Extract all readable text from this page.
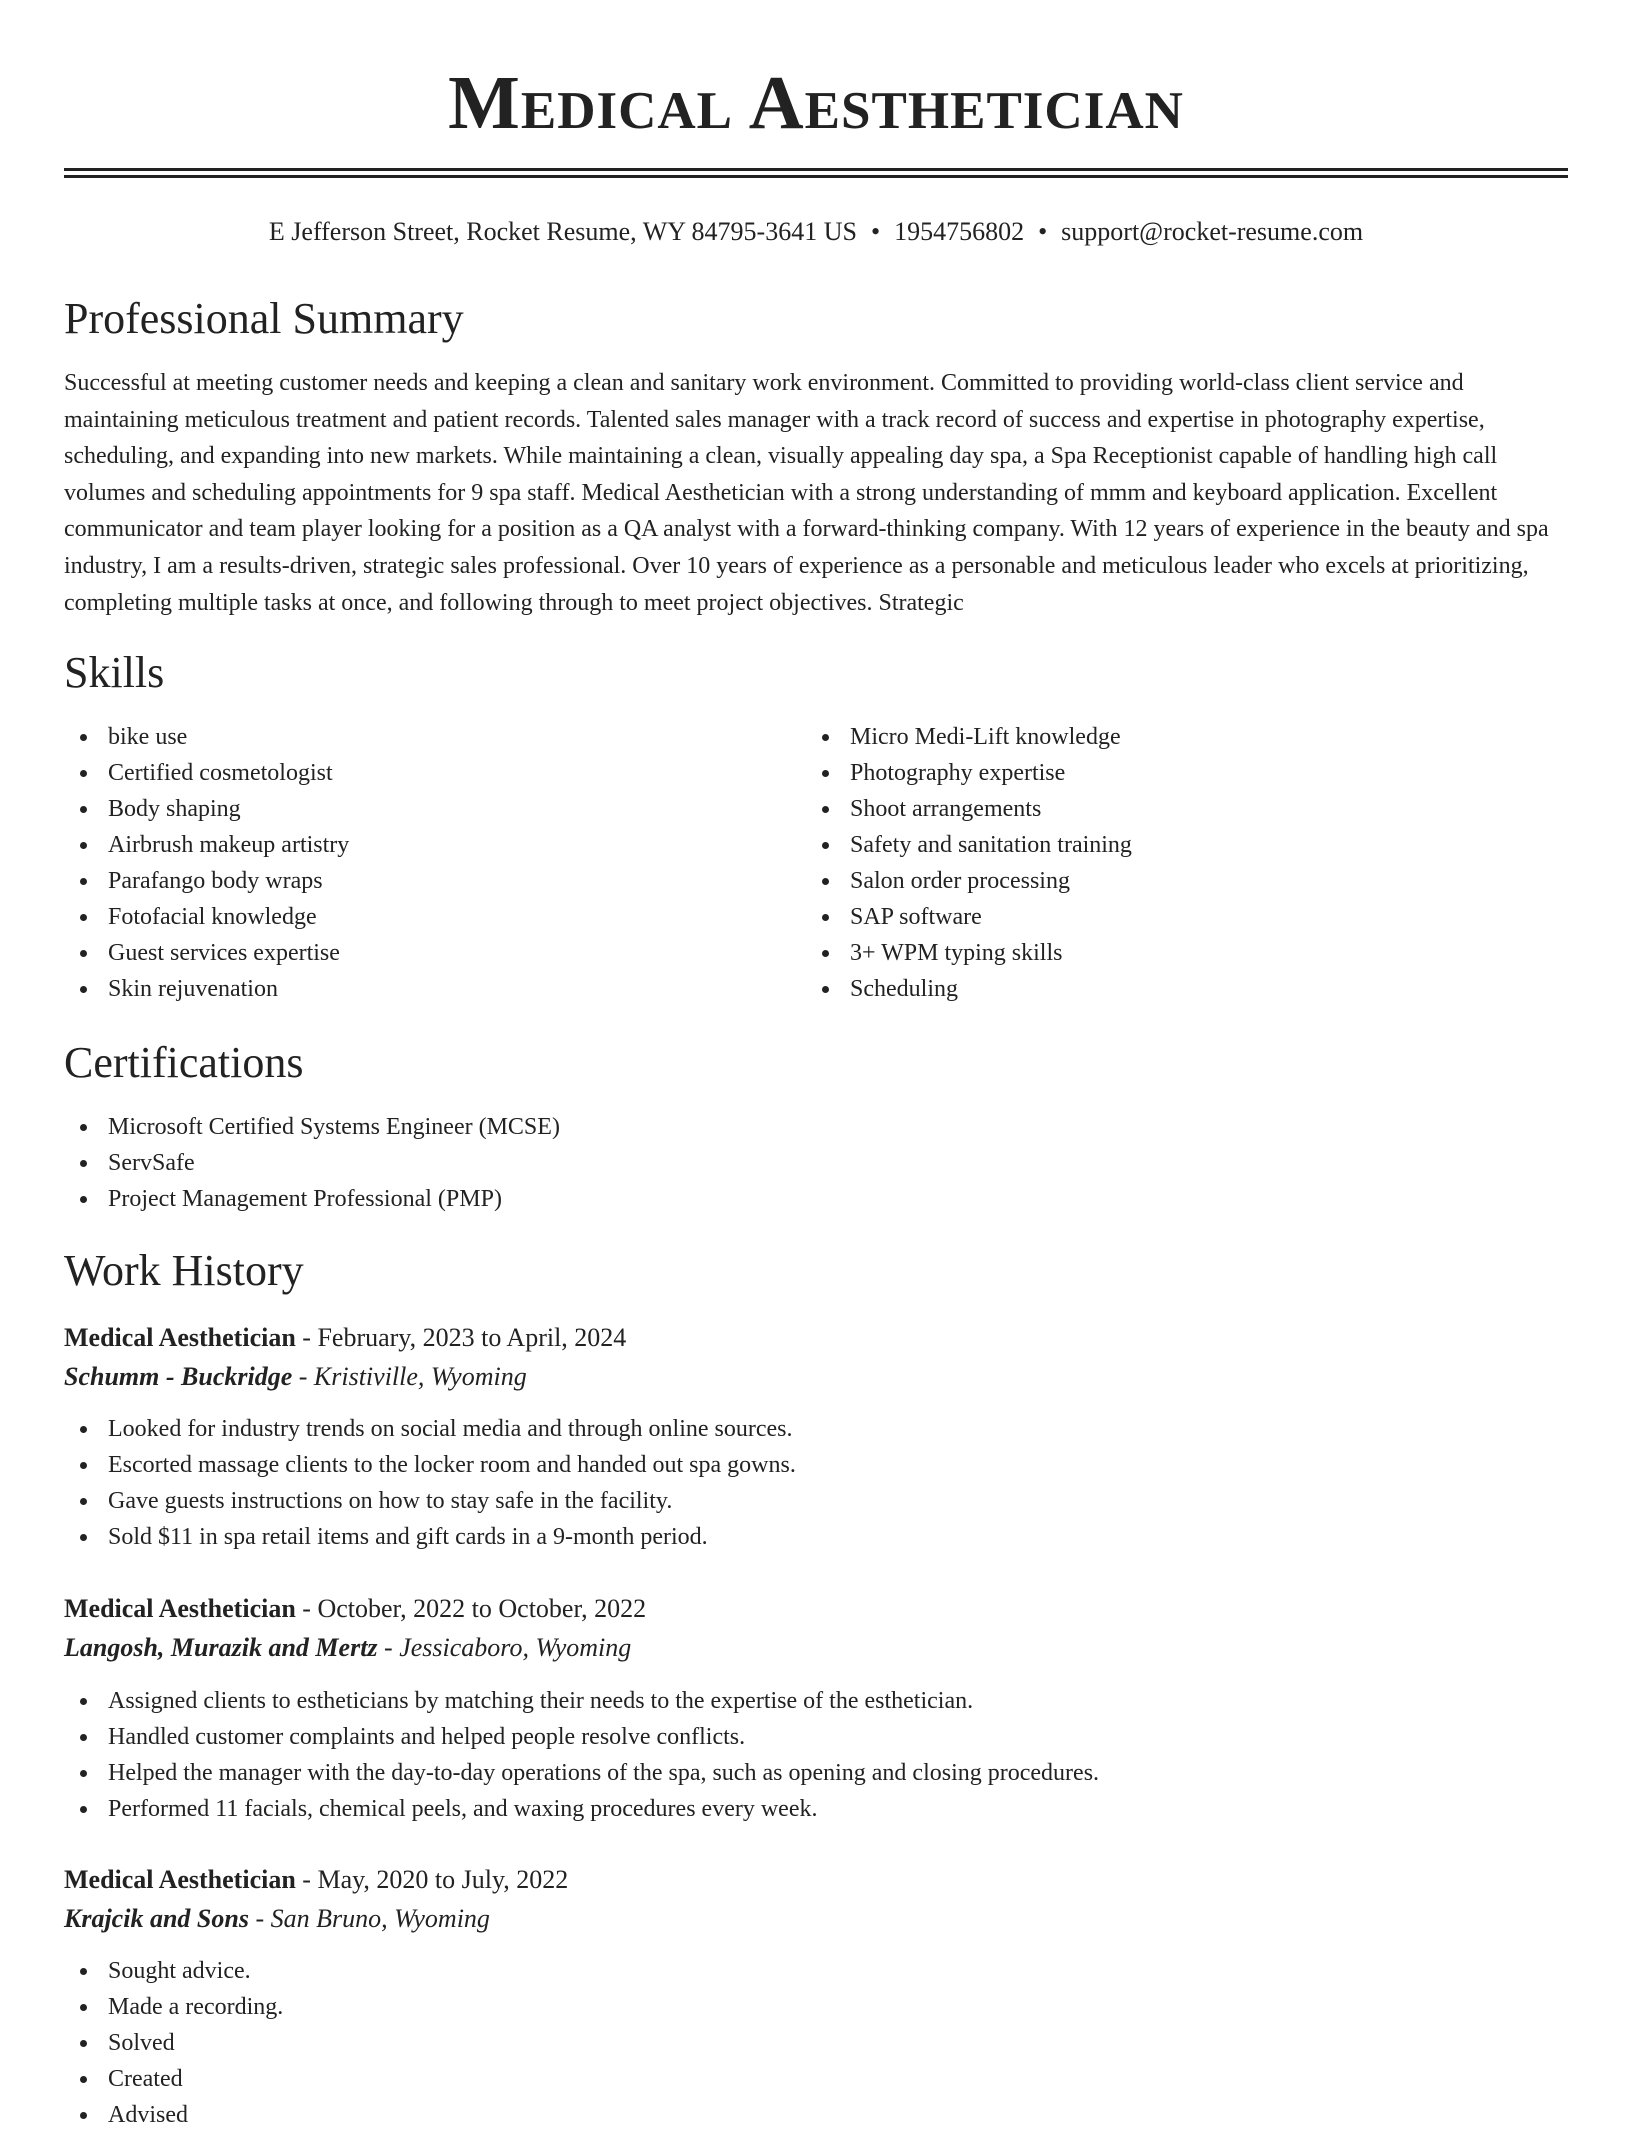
Medical Aesthetician
E Jefferson Street, Rocket Resume, WY 84795-3641 US • 1954756802 • support@rocket-resume.com
Professional Summary

Successful at meeting customer needs and keeping a clean and sanitary work environment. Committed to providing world-class client service and maintaining meticulous treatment and patient records. Talented sales manager with a track record of success and expertise in photography expertise, scheduling, and expanding into new markets. While maintaining a clean, visually appealing day spa, a Spa Receptionist capable of handling high call volumes and scheduling appointments for 9 spa staff. Medical Aesthetician with a strong understanding of mmm and keyboard application. Excellent communicator and team player looking for a position as a QA analyst with a forward-thinking company. With 12 years of experience in the beauty and spa industry, I am a results-driven, strategic sales professional. Over 10 years of experience as a personable and meticulous leader who excels at prioritizing, completing multiple tasks at once, and following through to meet project objectives. Strategic

Skills
bike use
Certified cosmetologist
Body shaping
Airbrush makeup artistry
Parafango body wraps
Fotofacial knowledge
Guest services expertise
Skin rejuvenation
Micro Medi-Lift knowledge
Photography expertise
Shoot arrangements
Safety and sanitation training
Salon order processing
SAP software
3+ WPM typing skills
Scheduling
Certifications
Microsoft Certified Systems Engineer (MCSE)
ServSafe
Project Management Professional (PMP)
Work History
Medical Aesthetician - February, 2023 to April, 2024
Schumm - Buckridge - Kristiville, Wyoming
Looked for industry trends on social media and through online sources.
Escorted massage clients to the locker room and handed out spa gowns.
Gave guests instructions on how to stay safe in the facility.
Sold $11 in spa retail items and gift cards in a 9-month period.
Medical Aesthetician - October, 2022 to October, 2022
Langosh, Murazik and Mertz - Jessicaboro, Wyoming
Assigned clients to estheticians by matching their needs to the expertise of the esthetician.
Handled customer complaints and helped people resolve conflicts.
Helped the manager with the day-to-day operations of the spa, such as opening and closing procedures.
Performed 11 facials, chemical peels, and waxing procedures every week.
Medical Aesthetician - May, 2020 to July, 2022
Krajcik and Sons - San Bruno, Wyoming
Sought advice.
Made a recording.
Solved
Created
Advised
